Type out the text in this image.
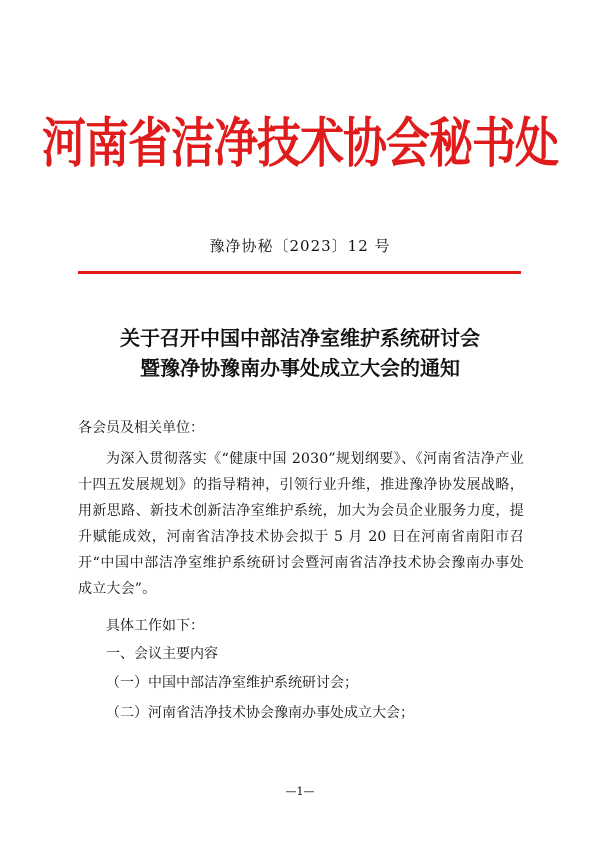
河南省洁净技术协会秘书处
豫净协秘〔2023〕12 号
关于召开中国中部洁净室维护系统研讨会
暨豫净协豫南办事处成立大会的通知
各会员及相关单位：
为深入贯彻落实《“健康中国 2030”规划纲要》、《河南省洁净产业十四五发展规划》的指导精神，引领行业升维，推进豫净协发展战略，用新思路、新技术创新洁净室维护系统，加大为会员企业服务力度，提升赋能成效，河南省洁净技术协会拟于 5 月 20 日在河南省南阳市召开“中国中部洁净室维护系统研讨会暨河南省洁净技术协会豫南办事处成立大会”。
具体工作如下：
一、会议主要内容
（一）中国中部洁净室维护系统研讨会；
（二）河南省洁净技术协会豫南办事处成立大会；
—1—
